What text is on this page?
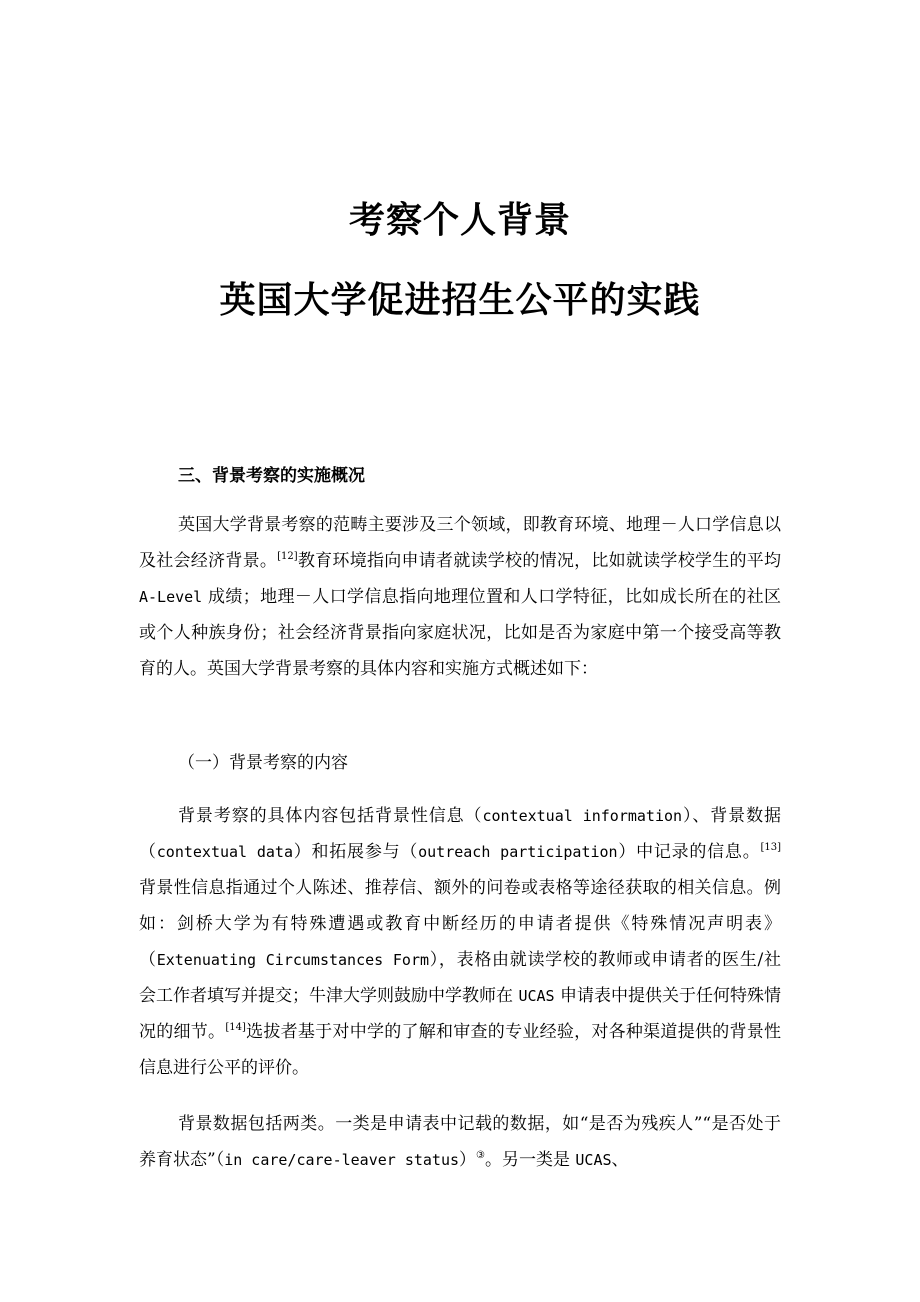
考察个人背景
英国大学促进招生公平的实践
三、背景考察的实施概况

英国大学背景考察的范畴主要涉及三个领域，即教育环境、地理－人口学信息以及社会经济背景。[12]教育环境指向申请者就读学校的情况，比如就读学校学生的平均 A-Level 成绩；地理－人口学信息指向地理位置和人口学特征，比如成长所在的社区或个人种族身份；社会经济背景指向家庭状况，比如是否为家庭中第一个接受高等教育的人。英国大学背景考察的具体内容和实施方式概述如下：

（一）背景考察的内容

背景考察的具体内容包括背景性信息（contextual information）、背景数据（contextual data）和拓展参与（outreach participation）中记录的信息。[13]背景性信息指通过个人陈述、推荐信、额外的问卷或表格等途径获取的相关信息。例如：剑桥大学为有特殊遭遇或教育中断经历的申请者提供《特殊情况声明表》（Extenuating Circumstances Form），表格由就读学校的教师或申请者的医生/社会工作者填写并提交；牛津大学则鼓励中学教师在 UCAS 申请表中提供关于任何特殊情况的细节。[14]选拔者基于对中学的了解和审查的专业经验，对各种渠道提供的背景性信息进行公平的评价。

背景数据包括两类。一类是申请表中记载的数据，如“是否为残疾人”“是否处于养育状态”（in care/care-leaver status）③。另一类是 UCAS、
